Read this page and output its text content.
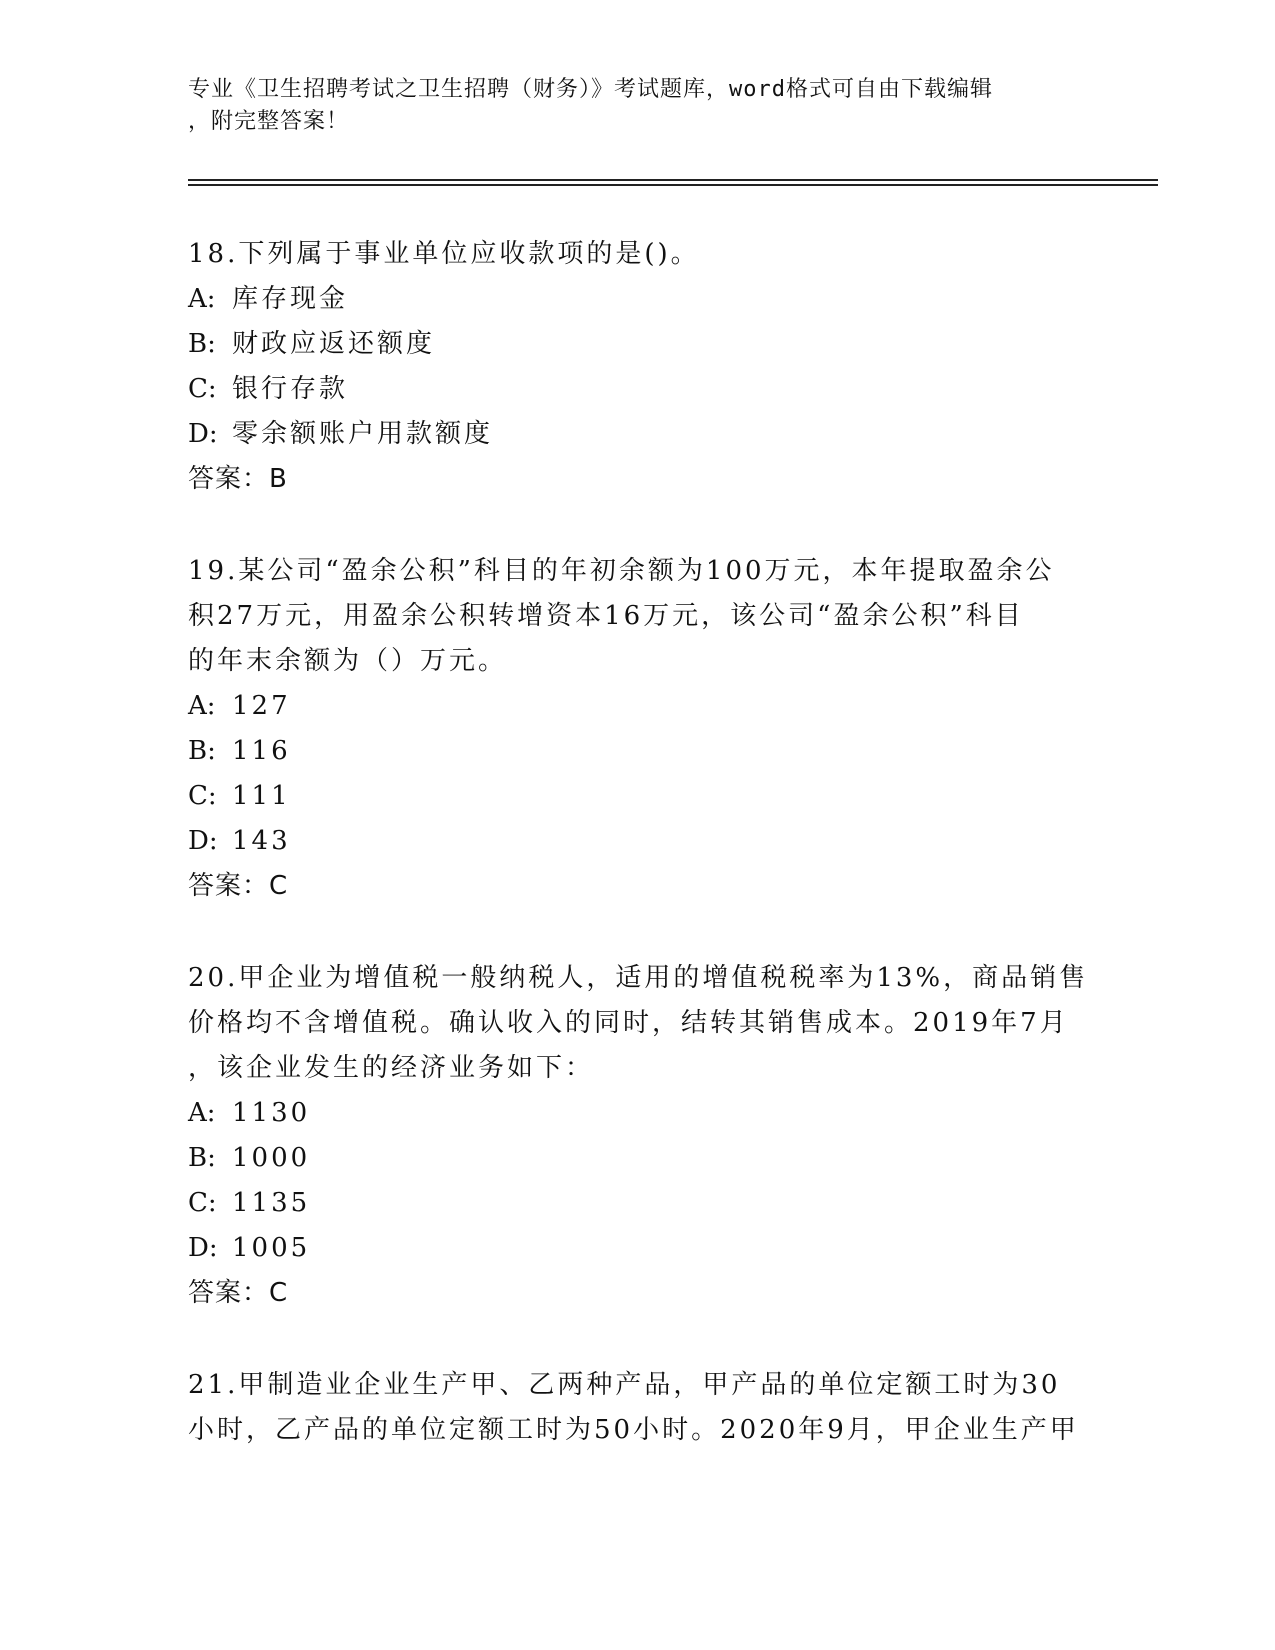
专业《卫生招聘考试之卫生招聘（财务）》考试题库，word格式可自由下载编辑
，附完整答案！
18.下列属于事业单位应收款项的是()。
A: 库存现金
B: 财政应返还额度
C: 银行存款
D: 零余额账户用款额度
答案：B
19.某公司“盈余公积”科目的年初余额为100万元，本年提取盈余公
积27万元，用盈余公积转增资本16万元，该公司“盈余公积”科目
的年末余额为（）万元。
A: 127
B: 116
C: 111
D: 143
答案：C
20.甲企业为增值税一般纳税人，适用的增值税税率为13%，商品销售
价格均不含增值税。确认收入的同时，结转其销售成本。2019年7月
，该企业发生的经济业务如下：
A: 1130
B: 1000
C: 1135
D: 1005
答案：C
21.甲制造业企业生产甲、乙两种产品，甲产品的单位定额工时为30
小时，乙产品的单位定额工时为50小时。2020年9月，甲企业生产甲
